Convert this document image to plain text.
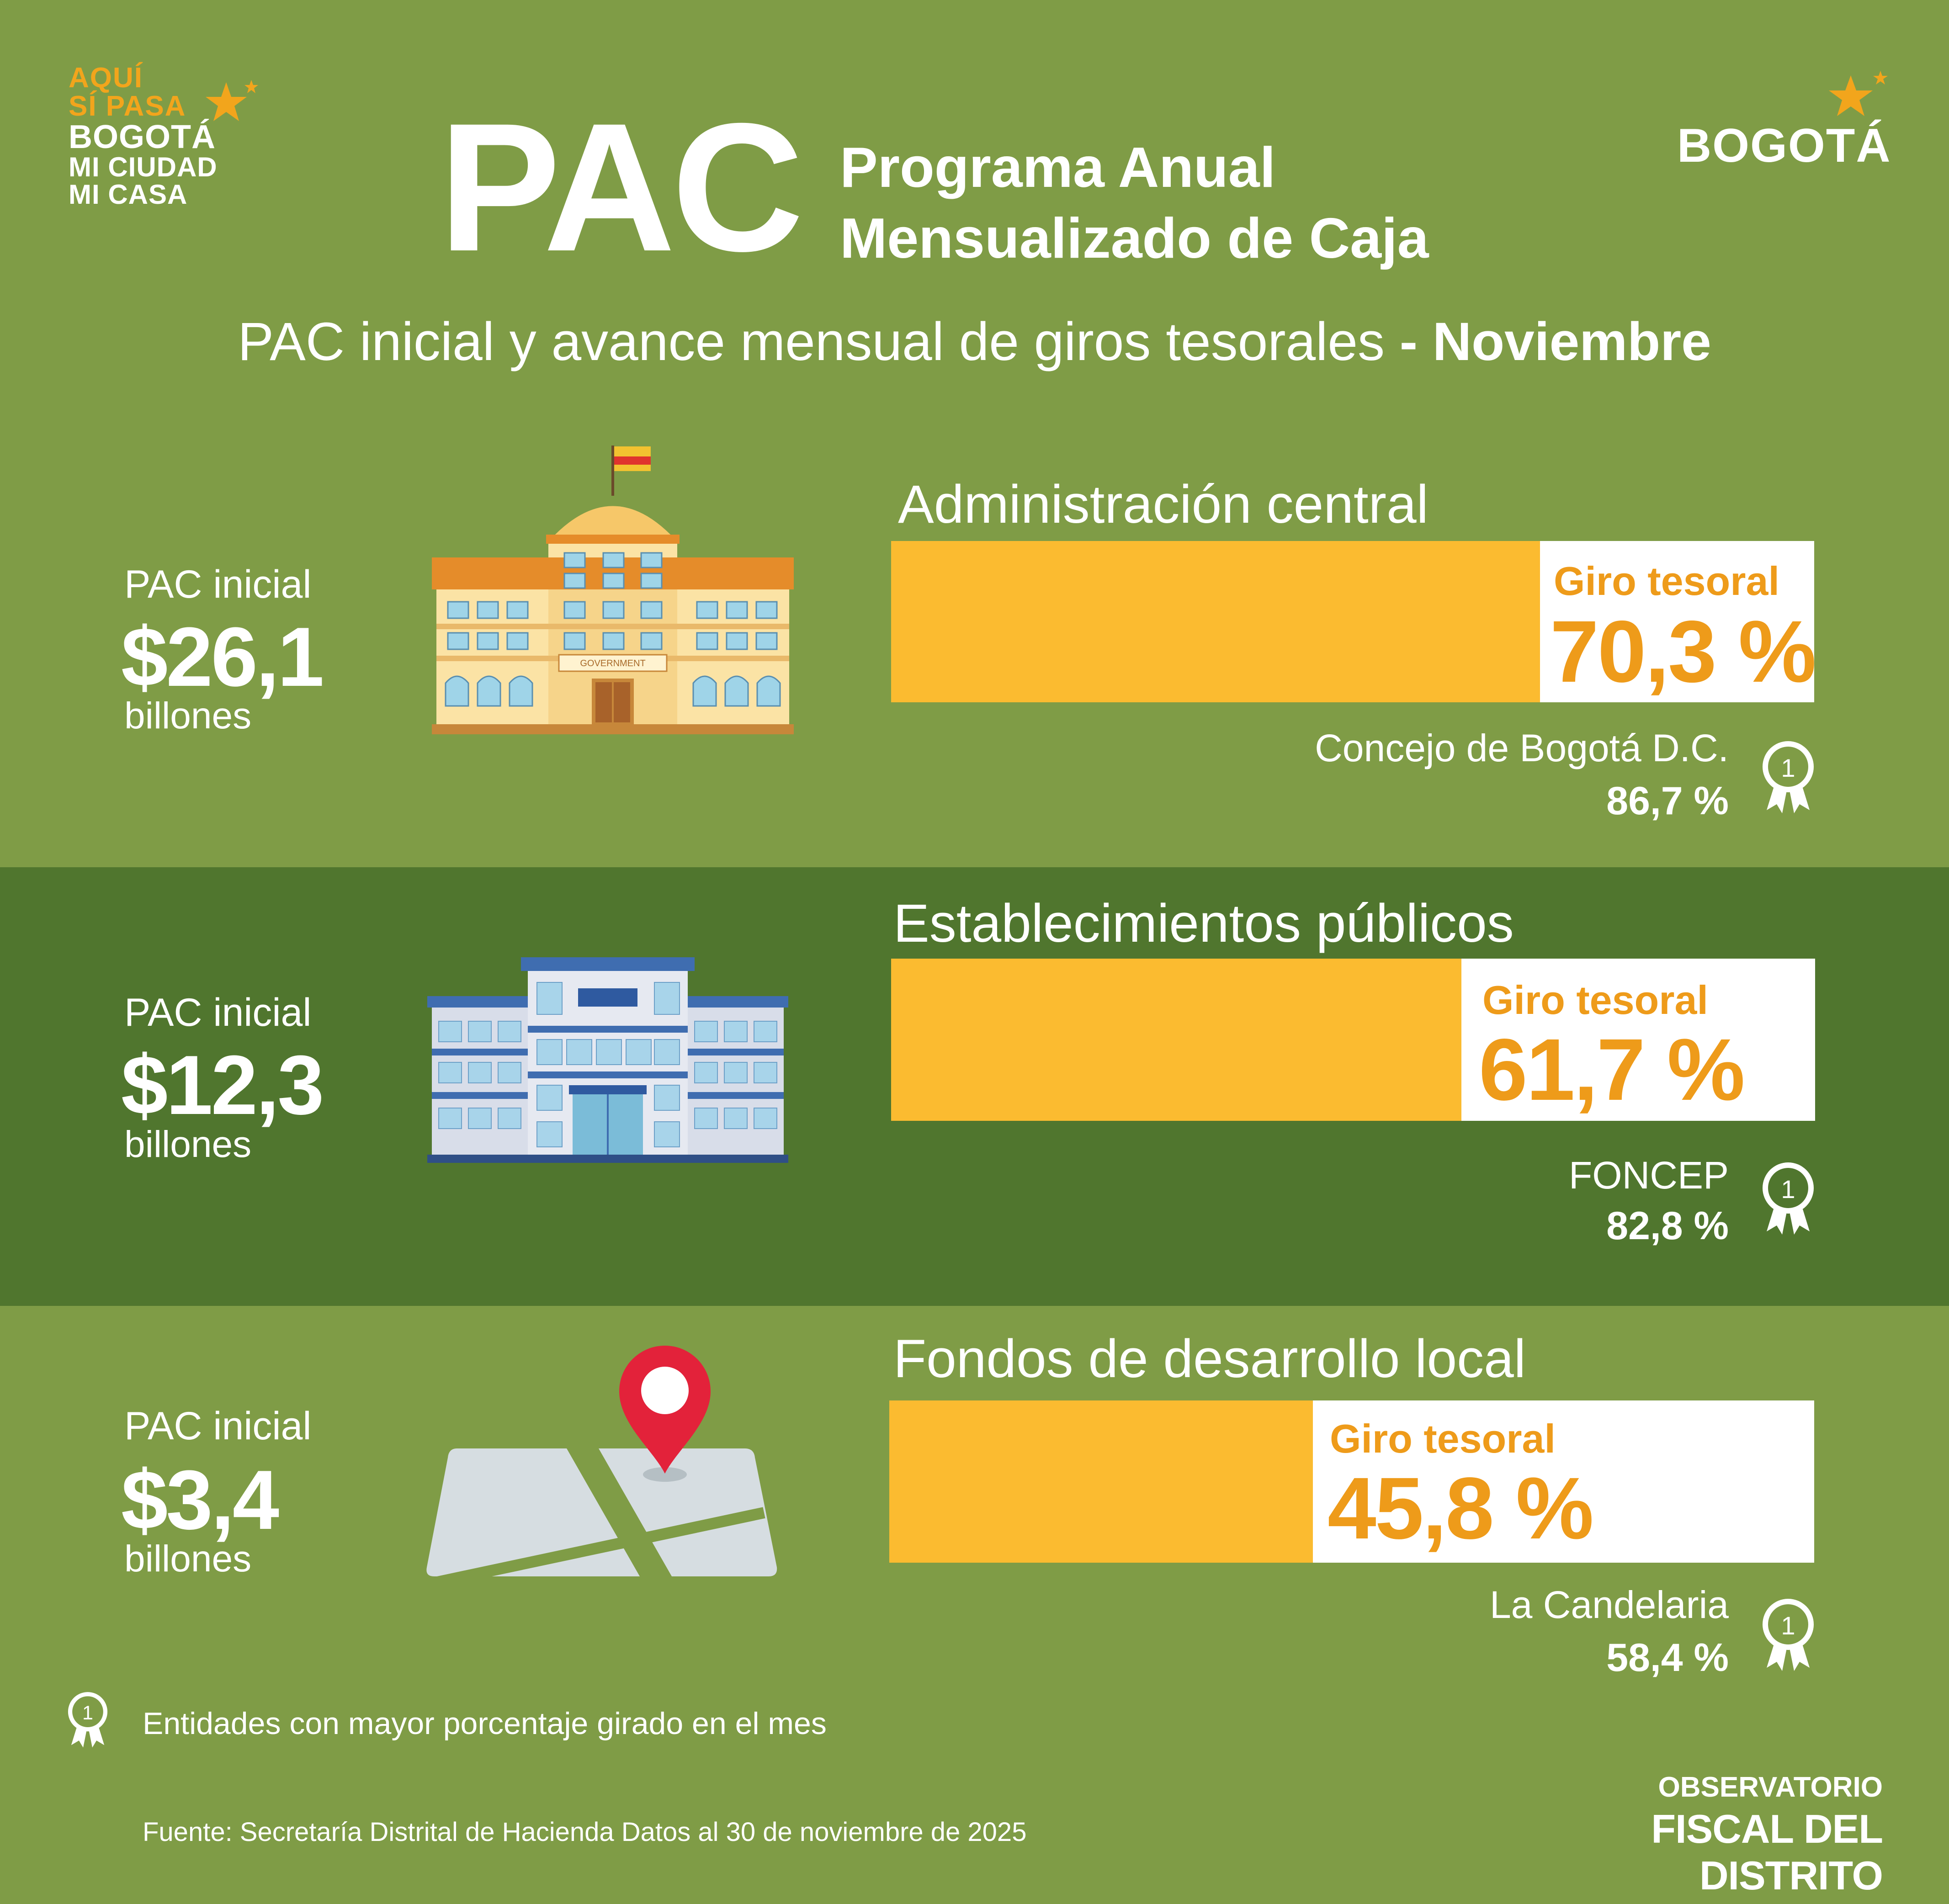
AQUÍ
SÍ PASA
BOGOTÁ
MI CIUDAD
MI CASA
BOGOTÁ
PAC Programa Anual
Mensualizado de Caja
PAC inicial y avance mensual de giros tesorales - Noviembre
PAC inicial
$26,1
billones
GOVERNMENT
Administración central
Giro tesoral
70,3 %
Concejo de Bogotá D.C.
86,7 %
PAC inicial
$12,3
billones
Establecimientos públicos
Giro tesoral
61,7 %
FONCEP
82,8 %
PAC inicial
$3,4
billones
Fondos de desarrollo local
Giro tesoral
45,8 %
La Candelaria
58,4 %
1
1
1
1 Entidades con mayor porcentaje girado en el mes
Fuente: Secretaría Distrital de Hacienda Datos al 30 de noviembre de 2025
OBSERVATORIO
FISCAL DEL DISTRITO
